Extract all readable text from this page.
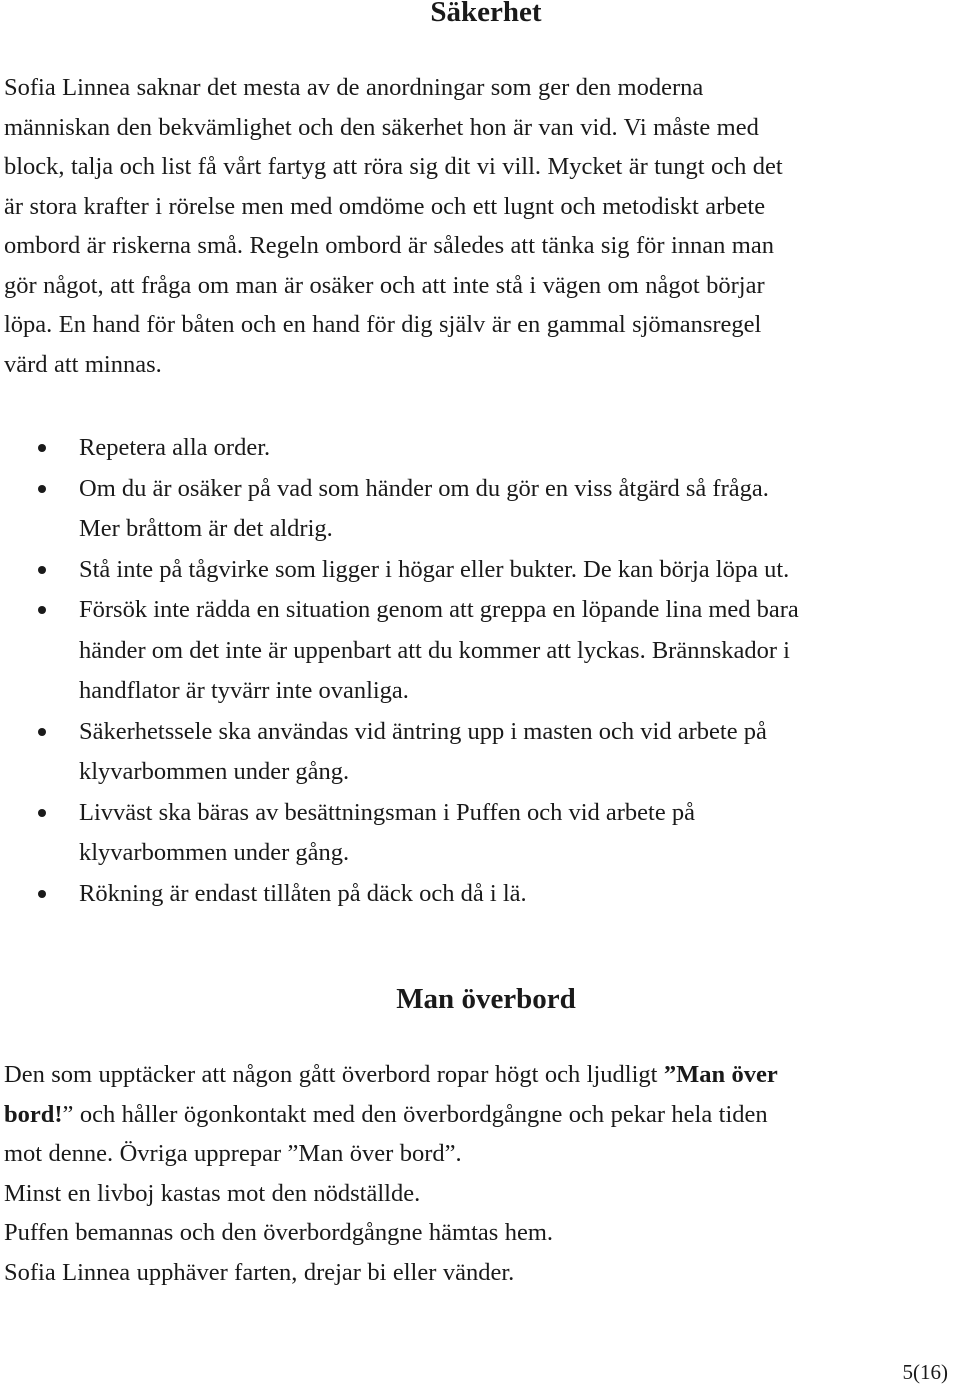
Säkerhet

Sofia Linnea saknar det mesta av de anordningar som ger den moderna
människan den bekvämlighet och den säkerhet hon är van vid. Vi måste med
block, talja och list få vårt fartyg att röra sig dit vi vill. Mycket är tungt och det
är stora krafter i rörelse men med omdöme och ett lugnt och metodiskt arbete
ombord är riskerna små. Regeln ombord är således att tänka sig för innan man
gör något, att fråga om man är osäker och att inte stå i vägen om något börjar
löpa. En hand för båten och en hand för dig själv är en gammal sjömansregel
värd att minnas.

Repetera alla order.
Om du är osäker på vad som händer om du gör en viss åtgärd så fråga.
Mer bråttom är det aldrig.
Stå inte på tågvirke som ligger i högar eller bukter. De kan börja löpa ut.
Försök inte rädda en situation genom att greppa en löpande lina med bara
händer om det inte är uppenbart att du kommer att lyckas. Brännskador i
handflator är tyvärr inte ovanliga.
Säkerhetssele ska användas vid äntring upp i masten och vid arbete på
klyvarbommen under gång.
Livväst ska bäras av besättningsman i Puffen och vid arbete på
klyvarbommen under gång.
Rökning är endast tillåten på däck och då i lä.
Man överbord

Den som upptäcker att någon gått överbord ropar högt och ljudligt ”Man över
bord!” och håller ögonkontakt med den överbordgångne och pekar hela tiden
mot denne. Övriga upprepar ”Man över bord”.
Minst en livboj kastas mot den nödställde.
Puffen bemannas och den överbordgångne hämtas hem.
Sofia Linnea upphäver farten, drejar bi eller vänder.

5(16)
